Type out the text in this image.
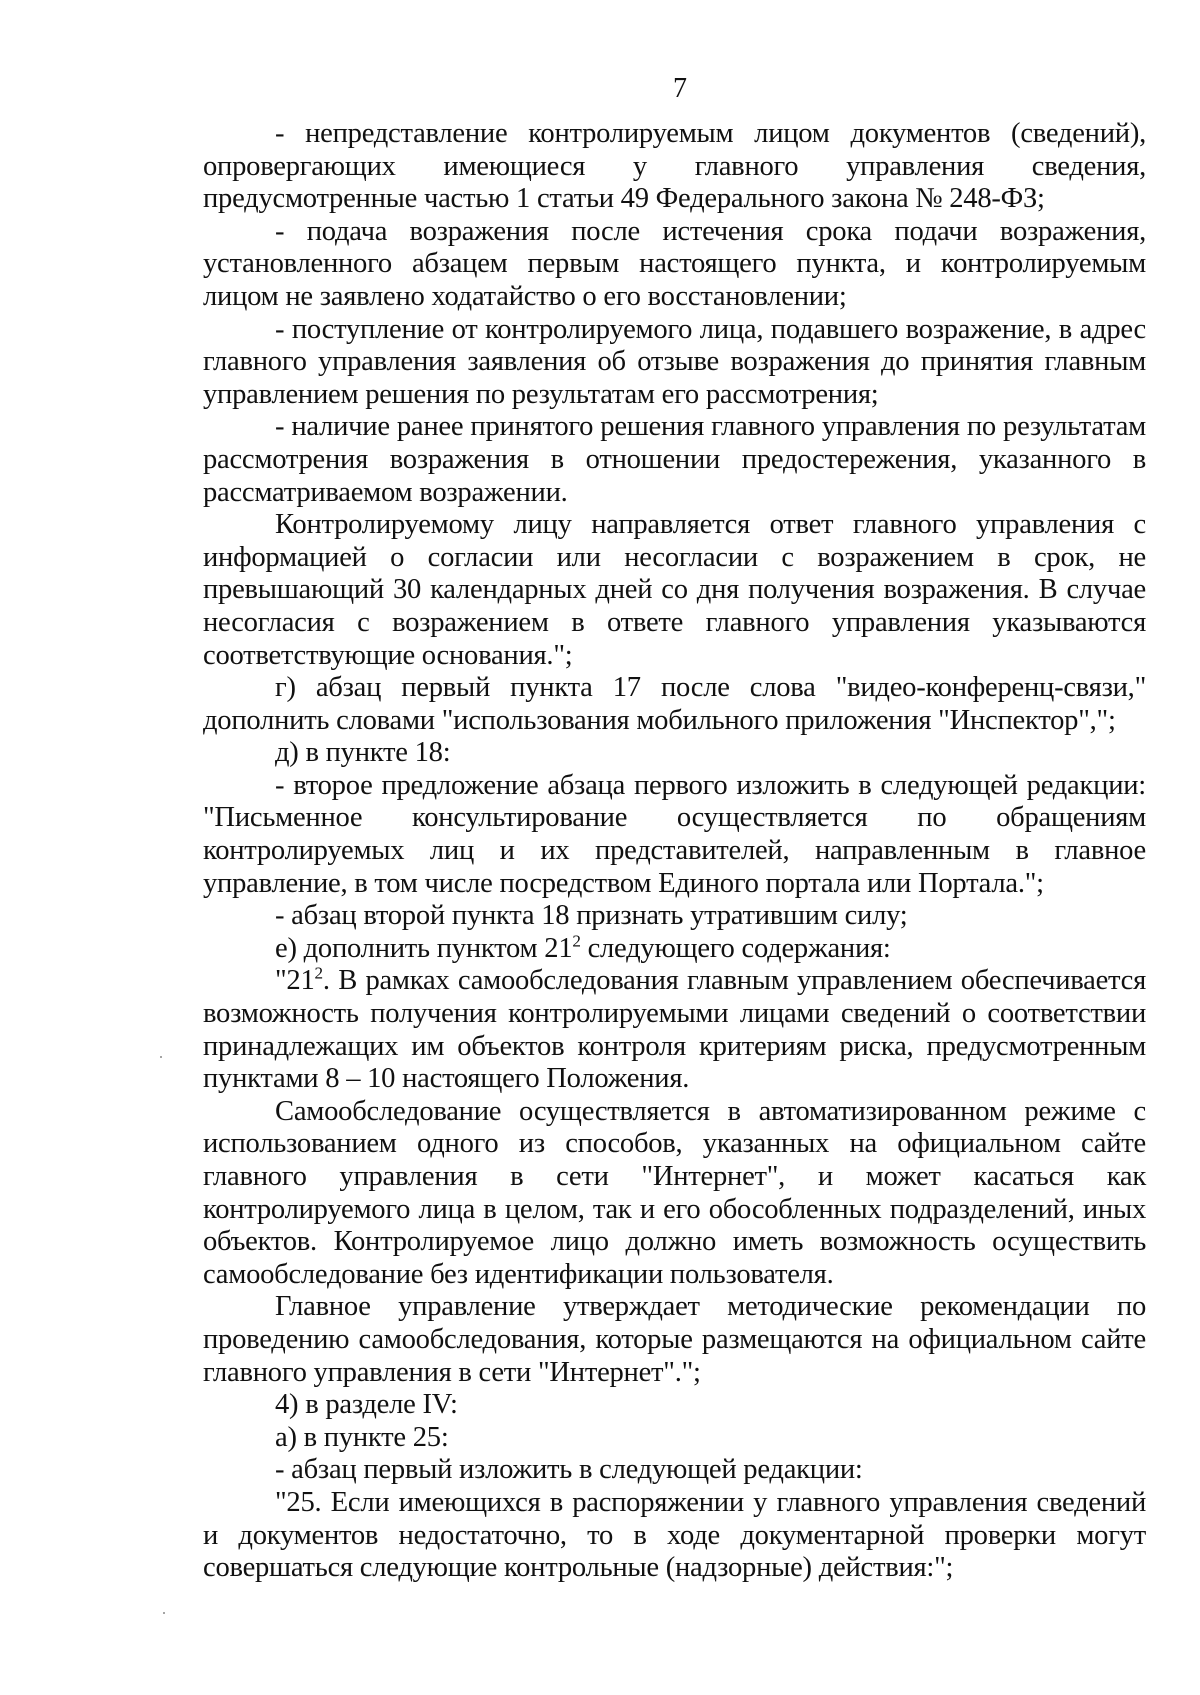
7

- непредставление контролируемым лицом документов (сведений), опровергающих имеющиеся у главного управления сведения, предусмотренные частью 1 статьи 49 Федерального закона № 248-ФЗ;

- подача возражения после истечения срока подачи возражения, установленного абзацем первым настоящего пункта, и контролируемым лицом не заявлено ходатайство о его восстановлении;

- поступление от контролируемого лица, подавшего возражение, в адрес главного управления заявления об отзыве возражения до принятия главным управлением решения по результатам его рассмотрения;

- наличие ранее принятого решения главного управления по результатам рассмотрения возражения в отношении предостережения, указанного в рассматриваемом возражении.

Контролируемому лицу направляется ответ главного управления с информацией о согласии или несогласии с возражением в срок, не превышающий 30 календарных дней со дня получения возражения. В случае несогласия с возражением в ответе главного управления указываются соответствующие основания.";

г) абзац первый пункта 17 после слова "видео-конференц-связи," дополнить словами "использования мобильного приложения "Инспектор",";

д) в пункте 18:

- второе предложение абзаца первого изложить в следующей редакции: "Письменное консультирование осуществляется по обращениям контролируемых лиц и их представителей, направленным в главное управление, в том числе посредством Единого портала или Портала.";

- абзац второй пункта 18 признать утратившим силу;

е) дополнить пунктом $21^2$ следующего содержания:

"$21^2$. В рамках самообследования главным управлением обеспечивается возможность получения контролируемыми лицами сведений о соответствии принадлежащих им объектов контроля критериям риска, предусмотренным пунктами 8 – 10 настоящего Положения.

Самообследование осуществляется в автоматизированном режиме с использованием одного из способов, указанных на официальном сайте главного управления в сети "Интернет", и может касаться как контролируемого лица в целом, так и его обособленных подразделений, иных объектов. Контролируемое лицо должно иметь возможность осуществить самообследование без идентификации пользователя.

Главное управление утверждает методические рекомендации по проведению самообследования, которые размещаются на официальном сайте главного управления в сети "Интернет".";

4) в разделе IV:

а) в пункте 25:

- абзац первый изложить в следующей редакции:

"25. Если имеющихся в распоряжении у главного управления сведений и документов недостаточно, то в ходе документарной проверки могут совершаться следующие контрольные (надзорные) действия:";
